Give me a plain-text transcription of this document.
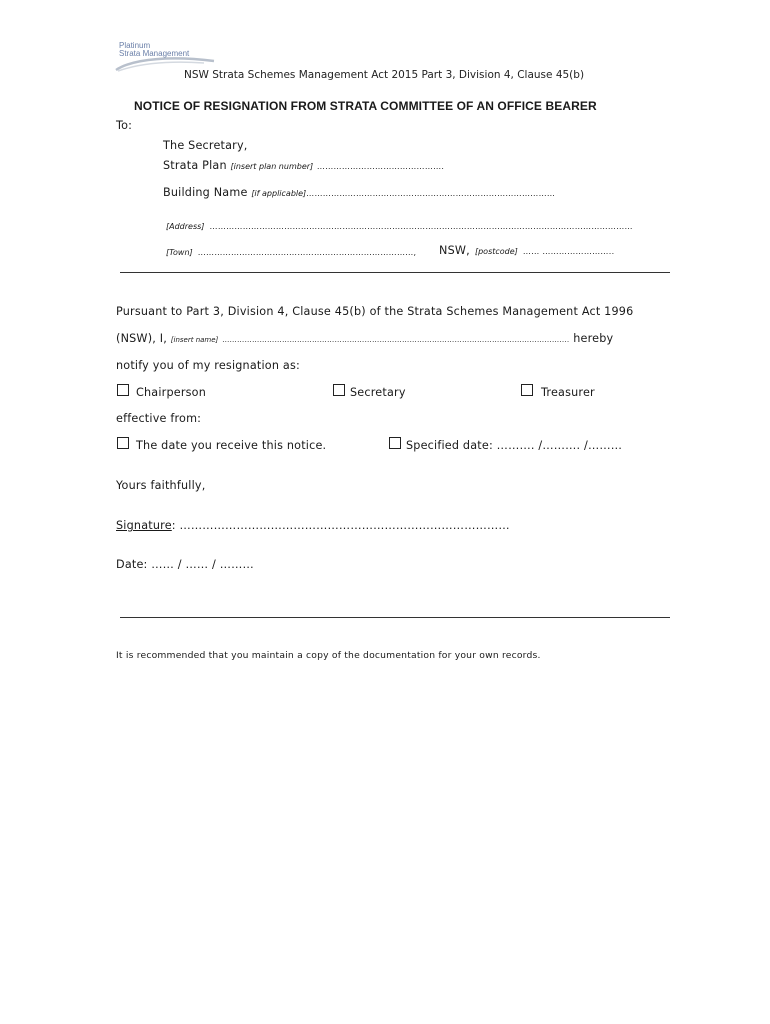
Platinum
Strata Management
NSW Strata Schemes Management Act 2015 Part 3, Division 4, Clause 45(b)
NOTICE OF RESIGNATION FROM STRATA COMMITTEE OF AN OFFICE BEARER
To:
The Secretary,
Strata Plan [insert plan number] ……………………………………….
Building Name [if applicable]………………………………………………………………………………
[Address] ………………………………………………………………………………………………………………………………………
[Town] ……………………………………………………………………, NSW, [postcode] …… ……………………..
Pursuant to Part 3, Division 4, Clause 45(b) of the Strata Schemes Management Act 1996
(NSW), I, [insert name] …………………………………………………………………………………………………………………………. hereby
notify you of my resignation as:
Chairperson	Secretary	Treasurer
effective from:
The date you receive this notice.	Specified date: ………. /………. /………
Yours faithfully,
Signature: ……………………………………………………………………………
Date: …… / …… / ………
It is recommended that you maintain a copy of the documentation for your own records.
